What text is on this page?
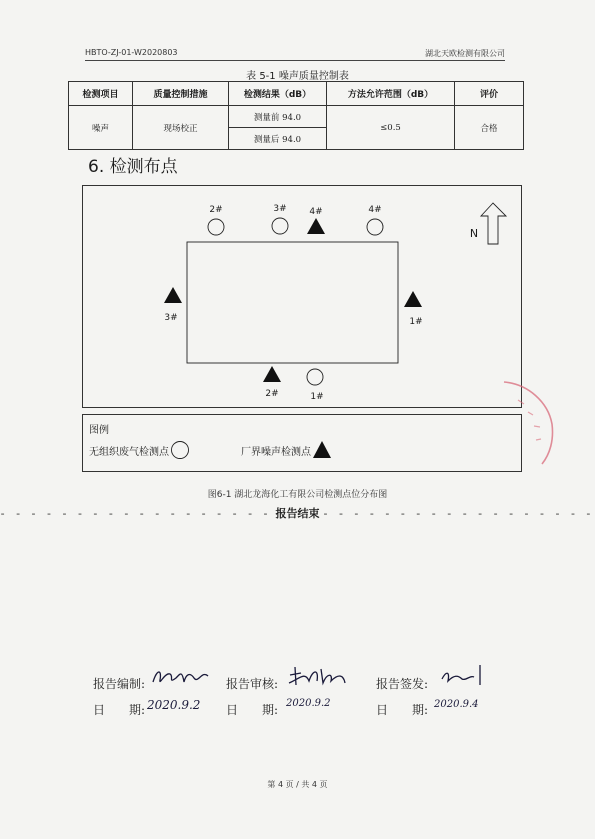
HBTO-ZJ-01-W2020803	湖北天欧检测有限公司
表 5-1 噪声质量控制表
检测项目	质量控制措施	检测结果（dB）	方法允许范围（dB）	评价
噪声	现场校正	测量前 94.0	≤0.5	合格
		测量后 94.0		
6. 检测布点
2#	3#	4#	4#
3#	1#
2#	1#
N
图例
无组织废气检测点	厂界噪声检测点
图6-1 湖北龙海化工有限公司检测点位分布图
- - - - - - - - - - - - - - - - - - 报告结束 - - - - - - - - - - - - - - - - - -
报告编制:	报告审核:	报告签发:
日　　期: 2020.9.2 日　　期: 2020.9.2	日　　期: 2020.9.4
第 4 页 / 共 4 页
